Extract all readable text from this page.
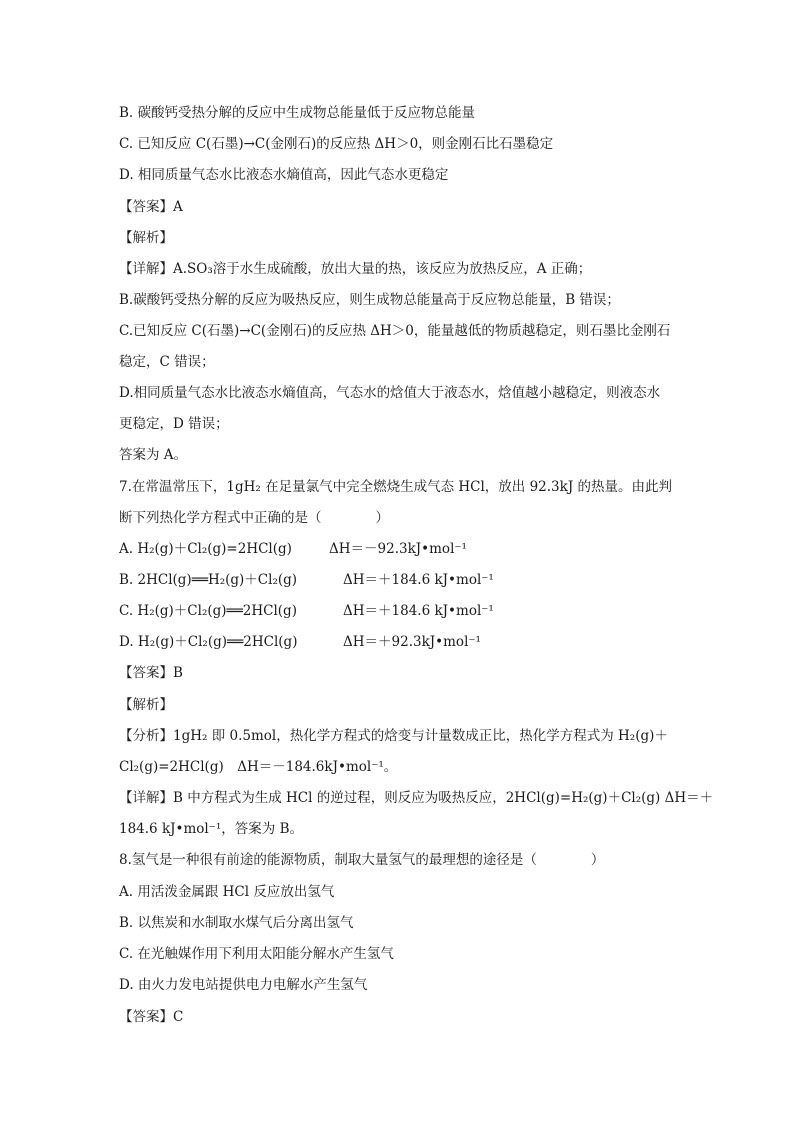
B. 碳酸钙受热分解的反应中生成物总能量低于反应物总能量
C. 已知反应 C(石墨)→C(金刚石)的反应热 ΔH＞0，则金刚石比石墨稳定
D. 相同质量气态水比液态水熵值高，因此气态水更稳定
【答案】A
【解析】
【详解】A.SO₃溶于水生成硫酸，放出大量的热，该反应为放热反应，A 正确；
B.碳酸钙受热分解的反应为吸热反应，则生成物总能量高于反应物总能量，B 错误；
C.已知反应 C(石墨)→C(金刚石)的反应热 ΔH＞0，能量越低的物质越稳定，则石墨比金刚石
稳定，C 错误；
D.相同质量气态水比液态水熵值高，气态水的焓值大于液态水，焓值越小越稳定，则液态水
更稳定，D 错误；
答案为 A。
7.在常温常压下，1gH₂ 在足量氯气中完全燃烧生成气态 HCl，放出 92.3kJ 的热量。由此判
断下列热化学方程式中正确的是（　　　　）
A. H₂(g)＋Cl₂(g)=2HCl(g)	ΔH＝－92.3kJ•mol⁻¹
B. 2HCl(g)══H₂(g)＋Cl₂(g)	ΔH＝＋184.6 kJ•mol⁻¹
C. H₂(g)＋Cl₂(g)══2HCl(g)	ΔH＝＋184.6 kJ•mol⁻¹
D. H₂(g)＋Cl₂(g)══2HCl(g)	ΔH＝＋92.3kJ•mol⁻¹
【答案】B
【解析】
【分析】1gH₂ 即 0.5mol，热化学方程式的焓变与计量数成正比，热化学方程式为 H₂(g)＋
Cl₂(g)=2HCl(g)　ΔH＝－184.6kJ•mol⁻¹。
【详解】B 中方程式为生成 HCl 的逆过程，则反应为吸热反应，2HCl(g)=H₂(g)＋Cl₂(g) ΔH＝＋
184.6 kJ•mol⁻¹，答案为 B。
8.氢气是一种很有前途的能源物质，制取大量氢气的最理想的途径是（　　　　）
A. 用活泼金属跟 HCl 反应放出氢气
B. 以焦炭和水制取水煤气后分离出氢气
C. 在光触媒作用下利用太阳能分解水产生氢气
D. 由火力发电站提供电力电解水产生氢气
【答案】C
